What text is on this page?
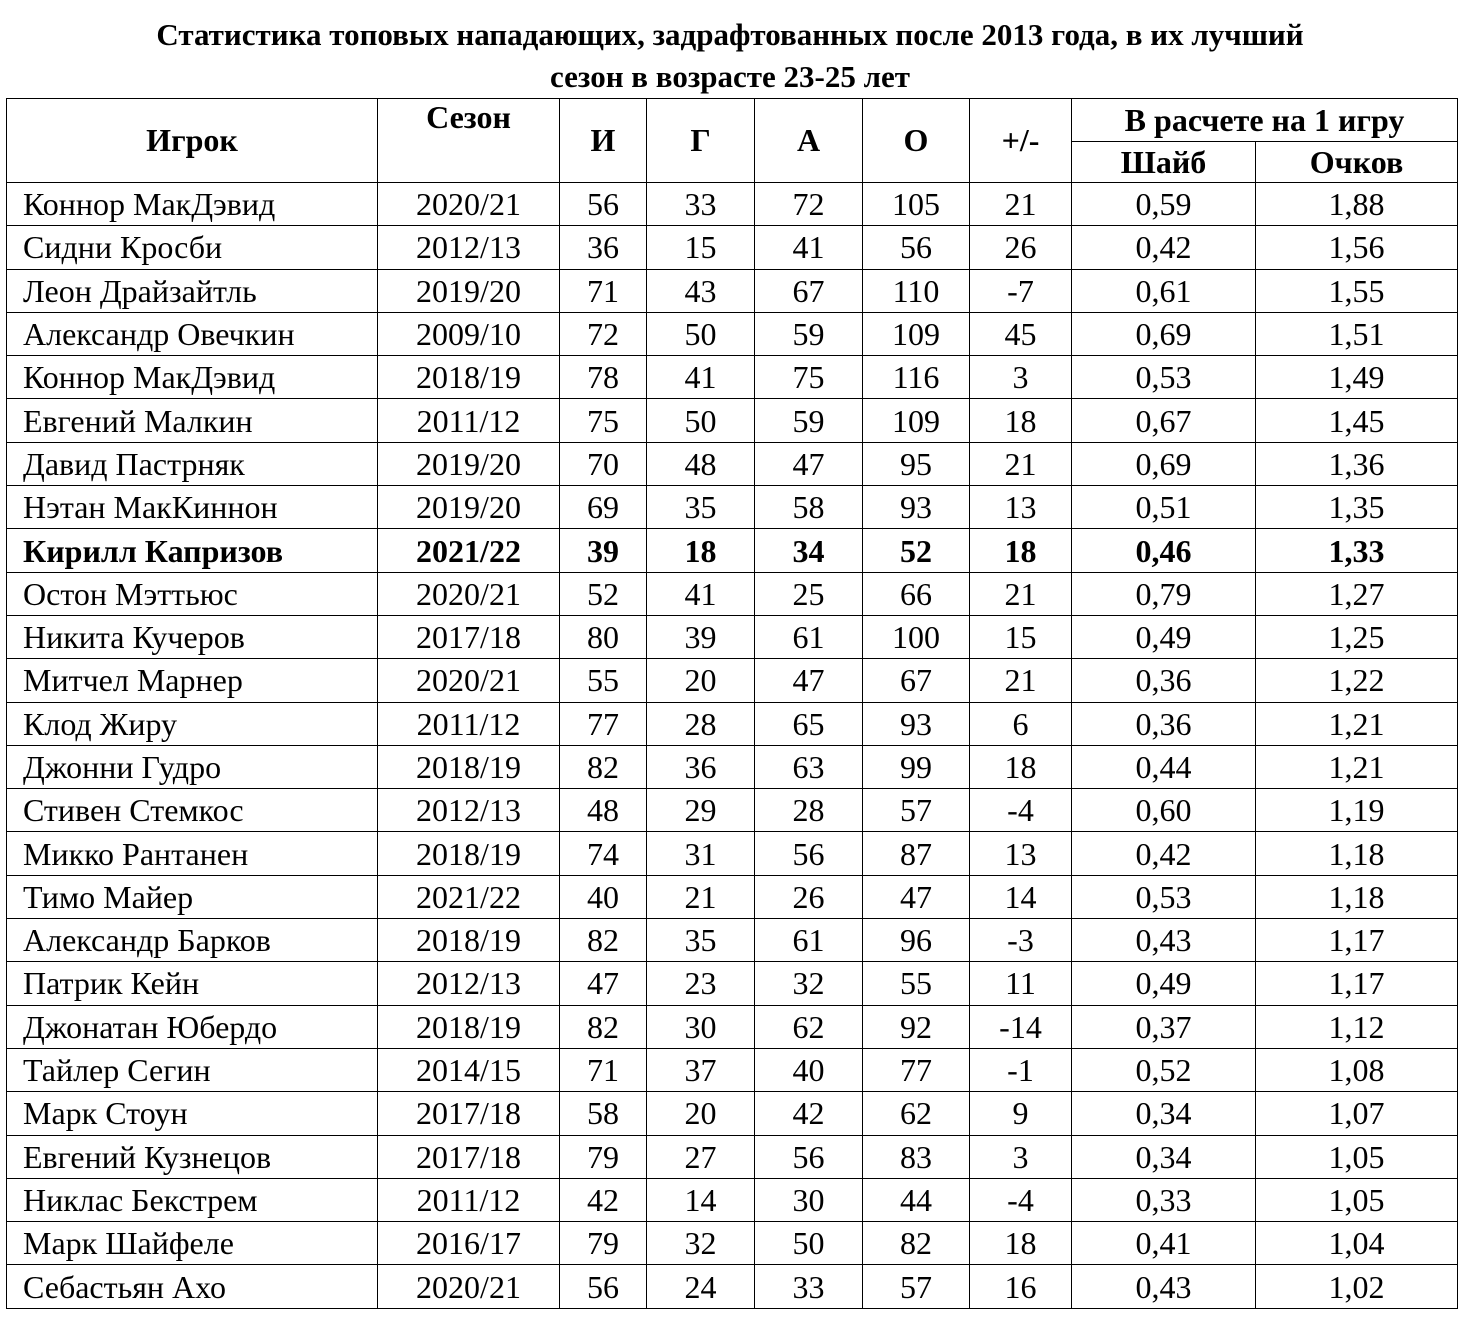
Статистика топовых нападающих, задрафтованных после 2013 года, в их лучший
сезон в возрасте 23-25 лет
Игрок	Сезон	И	Г	А	О	+/-	В расчете на 1 игру	
							Шайб	Очков
Коннор МакДэвид	2020/21	56	33	72	105	21	0,59	1,88
Сидни Кросби	2012/13	36	15	41	56	26	0,42	1,56
Леон Драйзайтль	2019/20	71	43	67	110	-7	0,61	1,55
Александр Овечкин	2009/10	72	50	59	109	45	0,69	1,51
Коннор МакДэвид	2018/19	78	41	75	116	3	0,53	1,49
Евгений Малкин	2011/12	75	50	59	109	18	0,67	1,45
Давид Пастрняк	2019/20	70	48	47	95	21	0,69	1,36
Нэтан МакКиннон	2019/20	69	35	58	93	13	0,51	1,35
Кирилл Капризов	2021/22	39	18	34	52	18	0,46	1,33
Остон Мэттьюс	2020/21	52	41	25	66	21	0,79	1,27
Никита Кучеров	2017/18	80	39	61	100	15	0,49	1,25
Митчел Марнер	2020/21	55	20	47	67	21	0,36	1,22
Клод Жиру	2011/12	77	28	65	93	6	0,36	1,21
Джонни Гудро	2018/19	82	36	63	99	18	0,44	1,21
Стивен Стемкос	2012/13	48	29	28	57	-4	0,60	1,19
Микко Рантанен	2018/19	74	31	56	87	13	0,42	1,18
Тимо Майер	2021/22	40	21	26	47	14	0,53	1,18
Александр Барков	2018/19	82	35	61	96	-3	0,43	1,17
Патрик Кейн	2012/13	47	23	32	55	11	0,49	1,17
Джонатан Юбердо	2018/19	82	30	62	92	-14	0,37	1,12
Тайлер Сегин	2014/15	71	37	40	77	-1	0,52	1,08
Марк Стоун	2017/18	58	20	42	62	9	0,34	1,07
Евгений Кузнецов	2017/18	79	27	56	83	3	0,34	1,05
Никлас Бекстрем	2011/12	42	14	30	44	-4	0,33	1,05
Марк Шайфеле	2016/17	79	32	50	82	18	0,41	1,04
Себастьян Ахо	2020/21	56	24	33	57	16	0,43	1,02
